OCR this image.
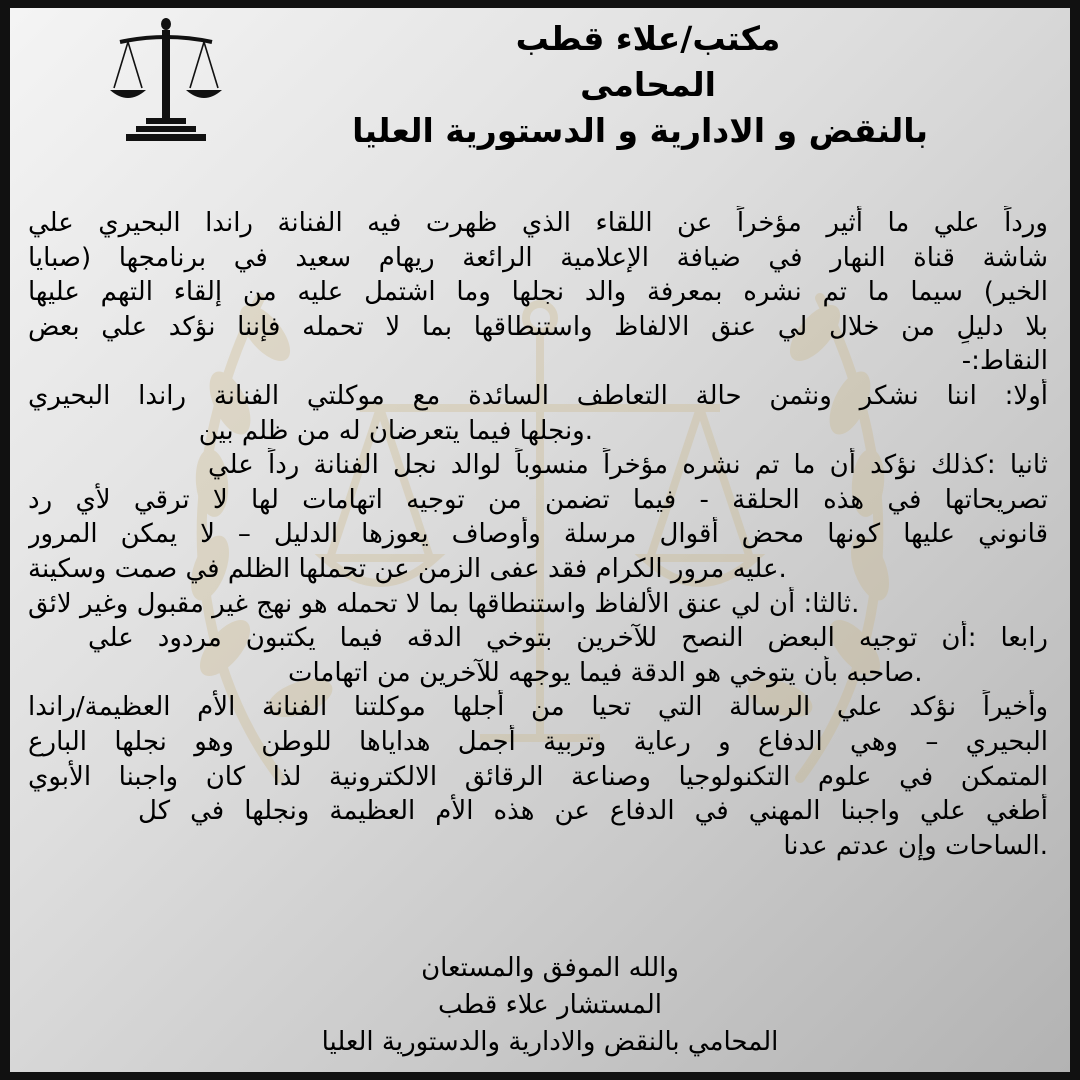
مكتب/علاء قطب
المحامى
بالنقض و الادارية و الدستورية العليا
ورداً علي ما أثير مؤخراً عن اللقاء الذي ظهرت فيه الفنانة راندا البحيري علي
شاشة قناة النهار في ضيافة الإعلامية الرائعة ريهام سعيد في برنامجها (صبايا
الخير) سيما ما تم نشره بمعرفة والد نجلها وما اشتمل عليه من إلقاء التهم عليها
بلا دليلٍ من خلال لي عنق الالفاظ واستنطاقها بما لا تحمله فإننا نؤكد علي بعض
النقاط:-
أولا: اننا نشكر ونثمن حالة التعاطف السائدة مع موكلتي الفنانة راندا البحيري
.ونجلها فيما يتعرضان له من ظلم بين
ثانيا :كذلك نؤكد أن ما تم نشره مؤخراً منسوباً لوالد نجل الفنانة رداً علي
تصريحاتها في هذه الحلقة - فيما تضمن من توجيه اتهامات لها لا ترقي لأي رد
قانوني عليها كونها محض أقوال مرسلة وأوصاف يعوزها الدليل – لا يمكن المرور
.عليه مرور الكرام فقد عفى الزمن عن تحملها الظلم في صمت وسكينة
.ثالثا: أن لي عنق الألفاظ واستنطاقها بما لا تحمله هو نهج غير مقبول وغير لائق
رابعا :أن توجيه البعض النصح للآخرين بتوخي الدقه فيما يكتبون مردود علي
.صاحبه بأن يتوخي هو الدقة فيما يوجهه للآخرين من اتهامات
وأخيراً نؤكد علي الرسالة التي تحيا من أجلها موكلتنا الفنانة الأم العظيمة/راندا
البحيري – وهي الدفاع و رعاية وتربية أجمل هداياها للوطن وهو نجلها البارع
المتمكن في علوم التكنولوجيا وصناعة الرقائق الالكترونية لذا كان واجبنا الأبوي
أطغي علي واجبنا المهني في الدفاع عن هذه الأم العظيمة ونجلها في كل
.الساحات وإن عدتم عدنا
والله الموفق والمستعان
المستشار علاء قطب
المحامي بالنقض والادارية والدستورية العليا
